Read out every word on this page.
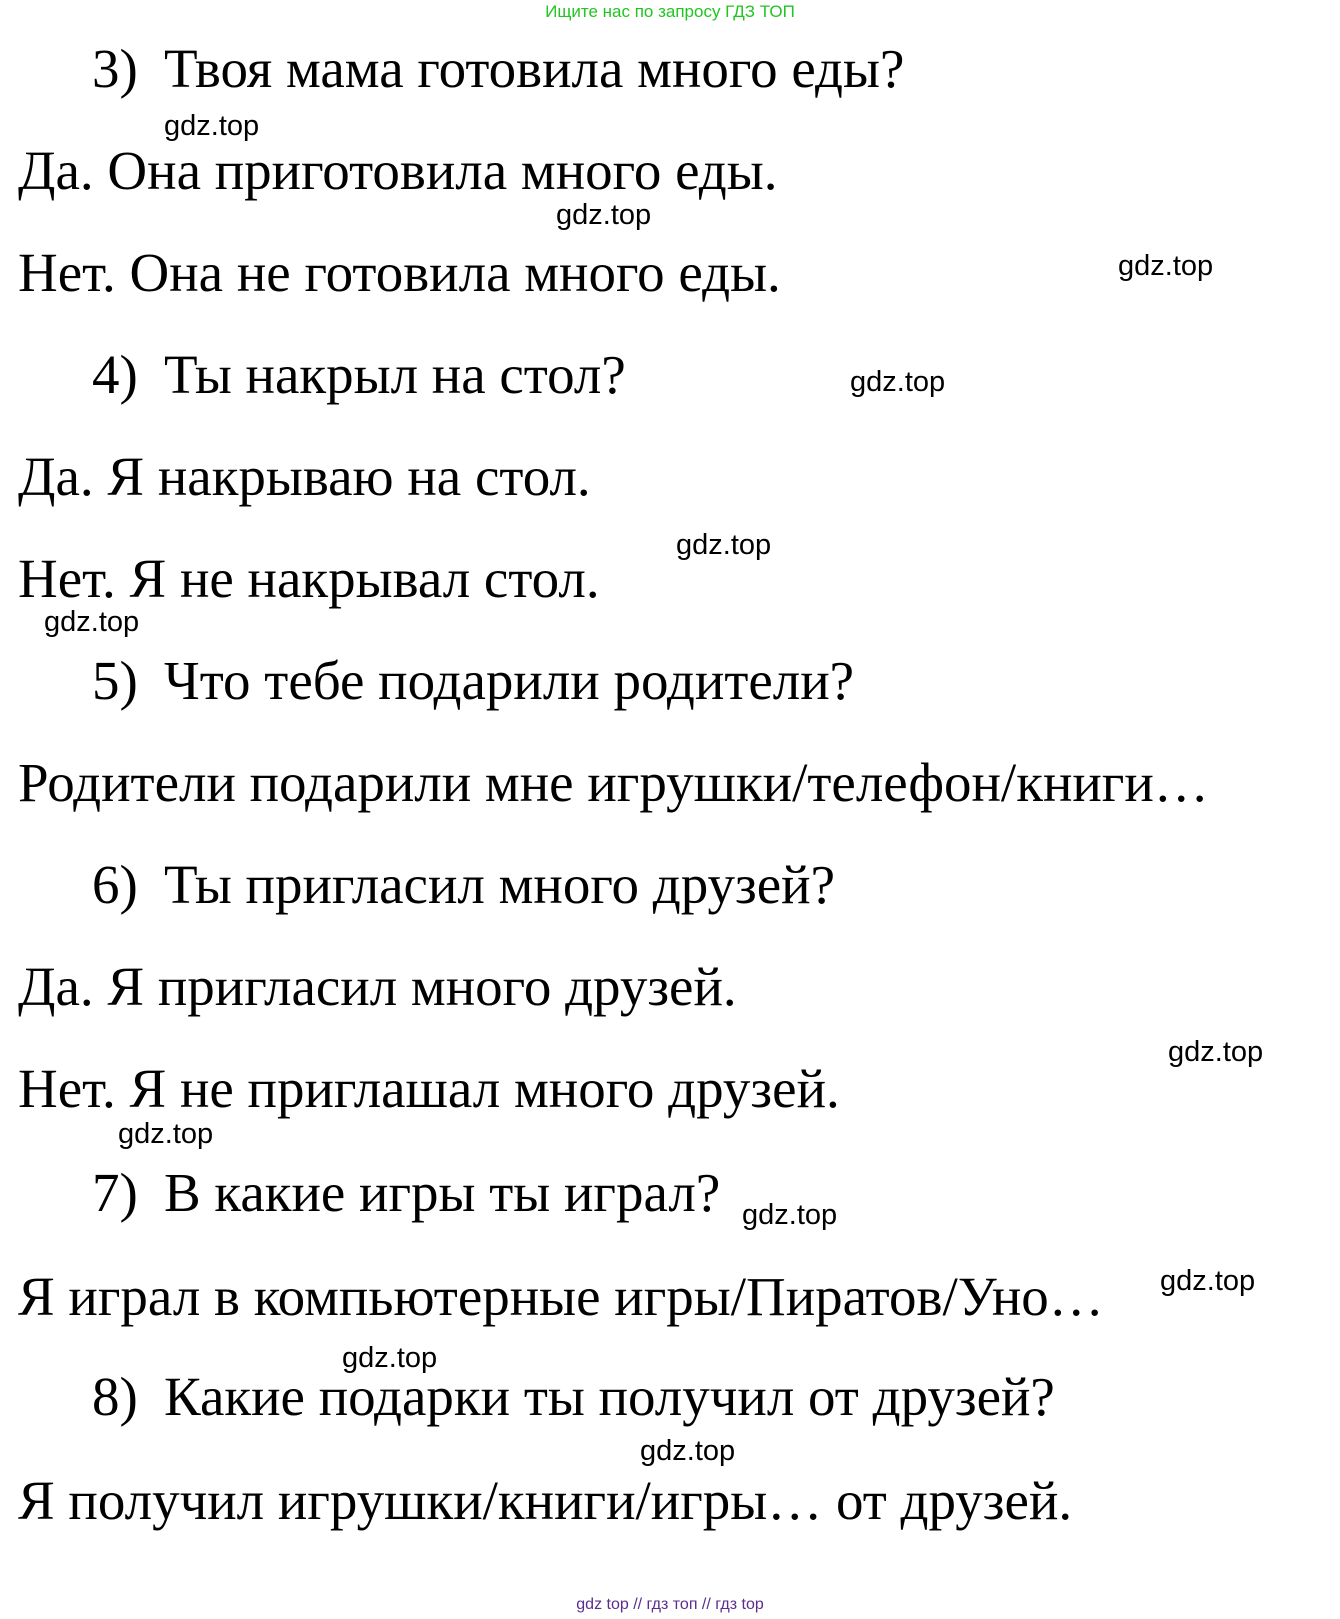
Ищите нас по запросу ГДЗ ТОП
3) Твоя мама готовила много еды?
Да. Она приготовила много еды.
Нет. Она не готовила много еды.
4) Ты накрыл на стол?
Да. Я накрываю на стол.
Нет. Я не накрывал стол.
5) Что тебе подарили родители?
Родители подарили мне игрушки/телефон/книги…
6) Ты пригласил много друзей?
Да. Я пригласил много друзей.
Нет. Я не приглашал много друзей.
7) В какие игры ты играл?
Я играл в компьютерные игры/Пиратов/Уно…
8) Какие подарки ты получил от друзей?
Я получил игрушки/книги/игры… от друзей.
gdz.top
gdz.top
gdz.top
gdz.top
gdz.top
gdz.top
gdz.top
gdz.top
gdz.top
gdz.top
gdz.top
gdz.top
gdz top // гдз топ // гдз top
